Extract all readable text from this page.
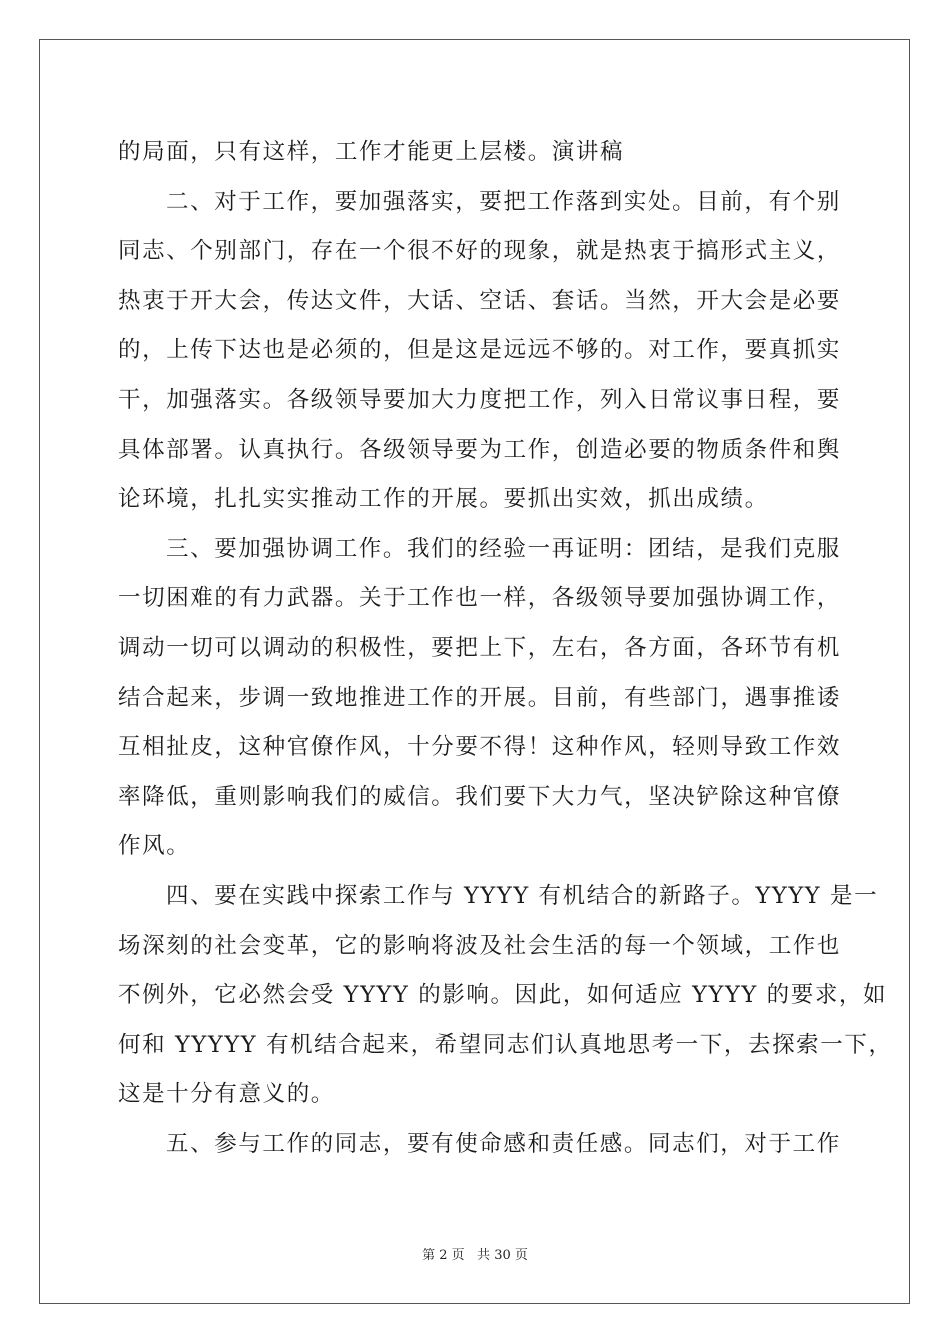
的局面，只有这样，工作才能更上层楼。演讲稿
二、对于工作，要加强落实，要把工作落到实处。目前，有个别
同志、个别部门，存在一个很不好的现象，就是热衷于搞形式主义，
热衷于开大会，传达文件，大话、空话、套话。当然，开大会是必要
的，上传下达也是必须的，但是这是远远不够的。对工作，要真抓实
干，加强落实。各级领导要加大力度把工作，列入日常议事日程，要
具体部署。认真执行。各级领导要为工作，创造必要的物质条件和舆
论环境，扎扎实实推动工作的开展。要抓出实效，抓出成绩。
三、要加强协调工作。我们的经验一再证明：团结，是我们克服
一切困难的有力武器。关于工作也一样，各级领导要加强协调工作，
调动一切可以调动的积极性，要把上下，左右，各方面，各环节有机
结合起来，步调一致地推进工作的开展。目前，有些部门，遇事推诿
互相扯皮，这种官僚作风，十分要不得！这种作风，轻则导致工作效
率降低，重则影响我们的威信。我们要下大力气，坚决铲除这种官僚
作风。
四、要在实践中探索工作与 YYYY 有机结合的新路子。YYYY 是一
场深刻的社会变革，它的影响将波及社会生活的每一个领域，工作也
不例外，它必然会受 YYYY 的影响。因此，如何适应 YYYY 的要求，如
何和 YYYYY 有机结合起来，希望同志们认真地思考一下，去探索一下，
这是十分有意义的。
五、参与工作的同志，要有使命感和责任感。同志们，对于工作
第 2 页   共 30 页
